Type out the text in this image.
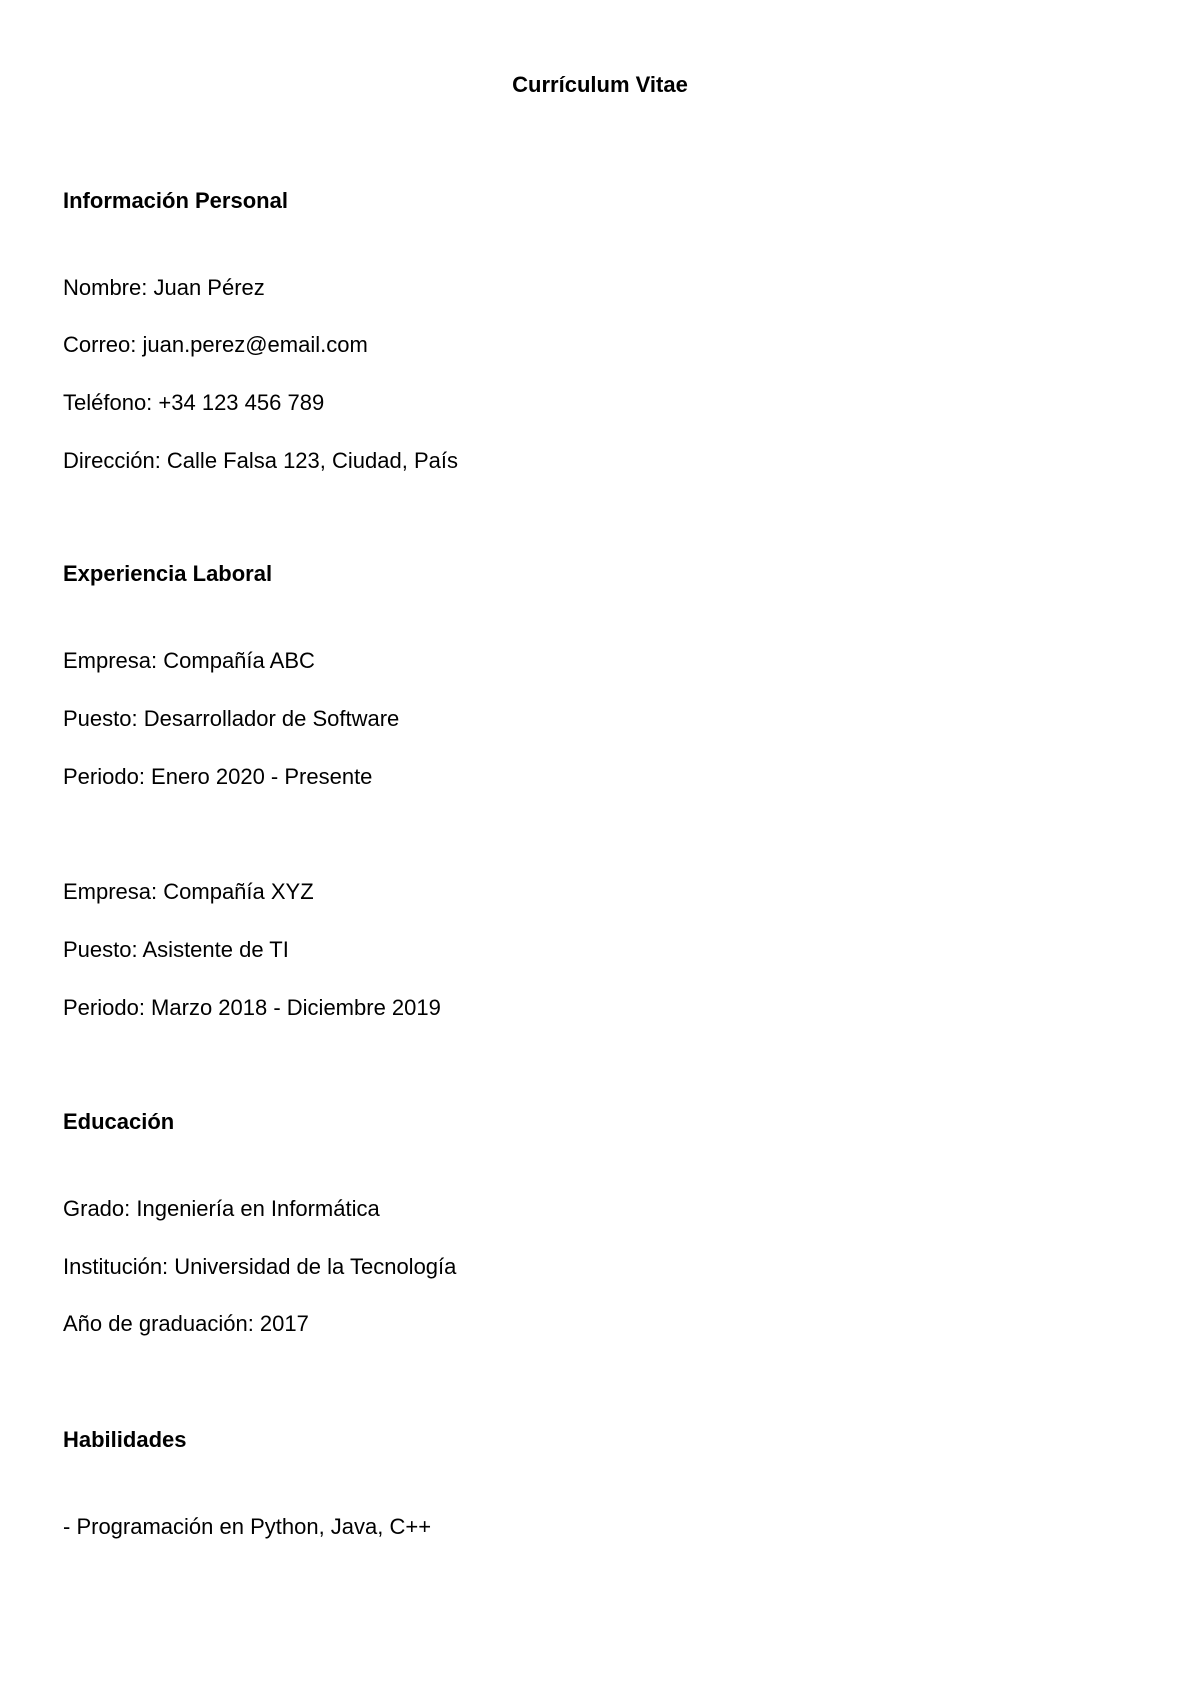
Currículum Vitae
Información Personal
Nombre: Juan Pérez
Correo: juan.perez@email.com
Teléfono: +34 123 456 789
Dirección: Calle Falsa 123, Ciudad, País
Experiencia Laboral
Empresa: Compañía ABC
Puesto: Desarrollador de Software
Periodo: Enero 2020 - Presente
Empresa: Compañía XYZ
Puesto: Asistente de TI
Periodo: Marzo 2018 - Diciembre 2019
Educación
Grado: Ingeniería en Informática
Institución: Universidad de la Tecnología
Año de graduación: 2017
Habilidades
- Programación en Python, Java, C++
